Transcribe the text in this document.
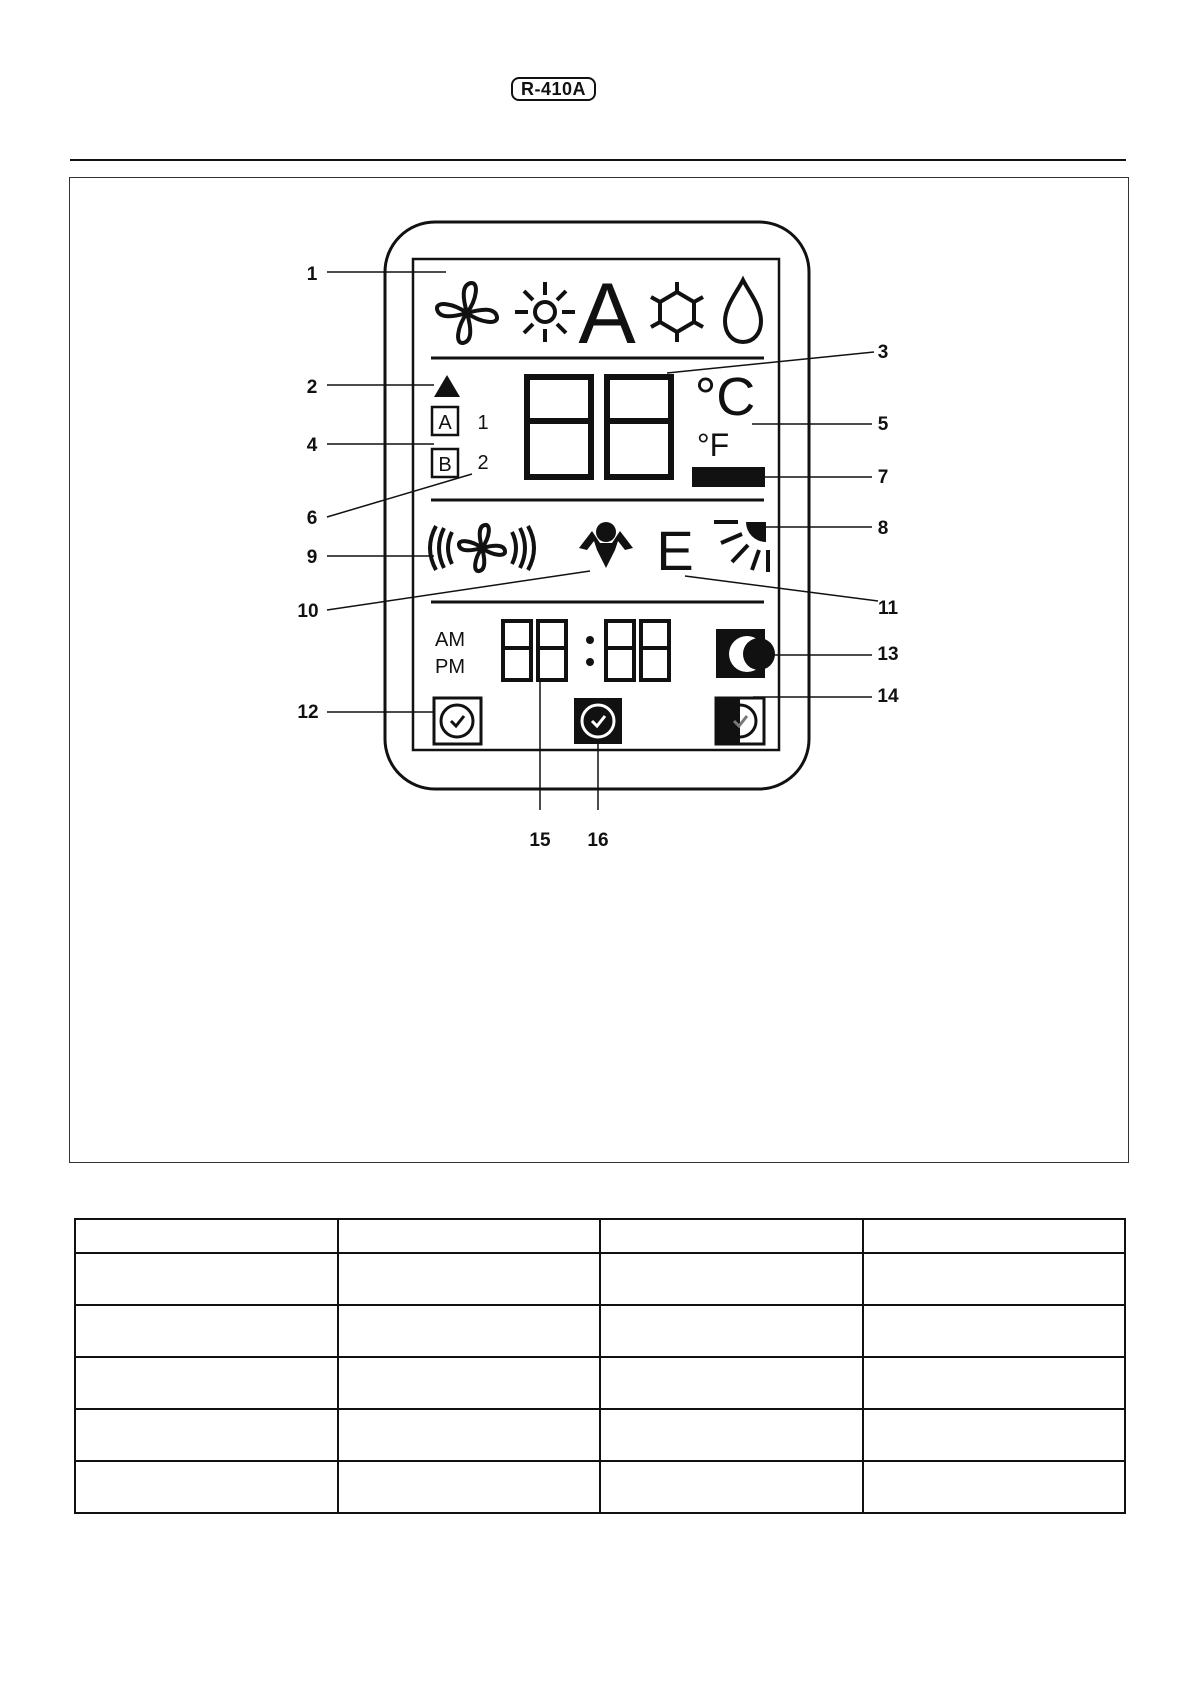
R-410A
A
A 1
B 2
°C
°F
E
AM
PM
1
2
3
4
5
6
7
8
9
10	11
12
13
14
15 16
